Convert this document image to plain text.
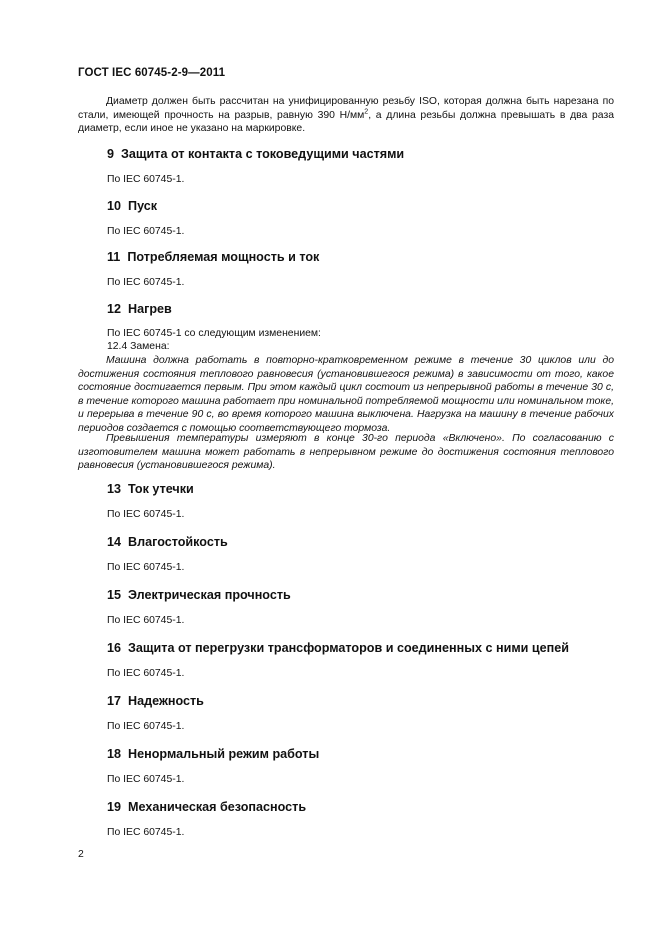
ГОСТ IEC 60745-2-9—2011

Диаметр должен быть рассчитан на унифицированную резьбу ISO, которая должна быть нарезана по стали, имеющей прочность на разрыв, равную 390 $Н/мм^2$, а длина резьбы должна превышать в два раза диаметр, если иное не указано на маркировке.

9 Защита от контакта с токоведущими частями

По IEC 60745-1.

10 Пуск

По IEC 60745-1.

11 Потребляемая мощность и ток

По IEC 60745-1.

12 Нагрев

По IEC 60745-1 со следующим изменением:

12.4 Замена:

Машина должна работать в повторно-кратковременном режиме в течение 30 циклов или до достижения состояния теплового равновесия (установившегося режима) в зависимости от того, какое состояние достигается первым. При этом каждый цикл состоит из непрерывной работы в течение 30 с, в течение которого машина работает при номинальной потребляемой мощности или номинальном токе, и перерыва в течение 90 с, во время которого машина выключена. Нагрузка на машину в течение рабочих периодов создается с помощью соответствующего тормоза.

Превышения температуры измеряют в конце 30-го периода «Включено». По согласованию с изготовителем машина может работать в непрерывном режиме до достижения состояния теплового равновесия (установившегося режима).

13 Ток утечки

По IEC 60745-1.

14 Влагостойкость

По IEC 60745-1.

15 Электрическая прочность

По IEC 60745-1.

16 Защита от перегрузки трансформаторов и соединенных с ними цепей

По IEC 60745-1.

17 Надежность

По IEC 60745-1.

18 Ненормальный режим работы

По IEC 60745-1.

19 Механическая безопасность

По IEC 60745-1.

2
